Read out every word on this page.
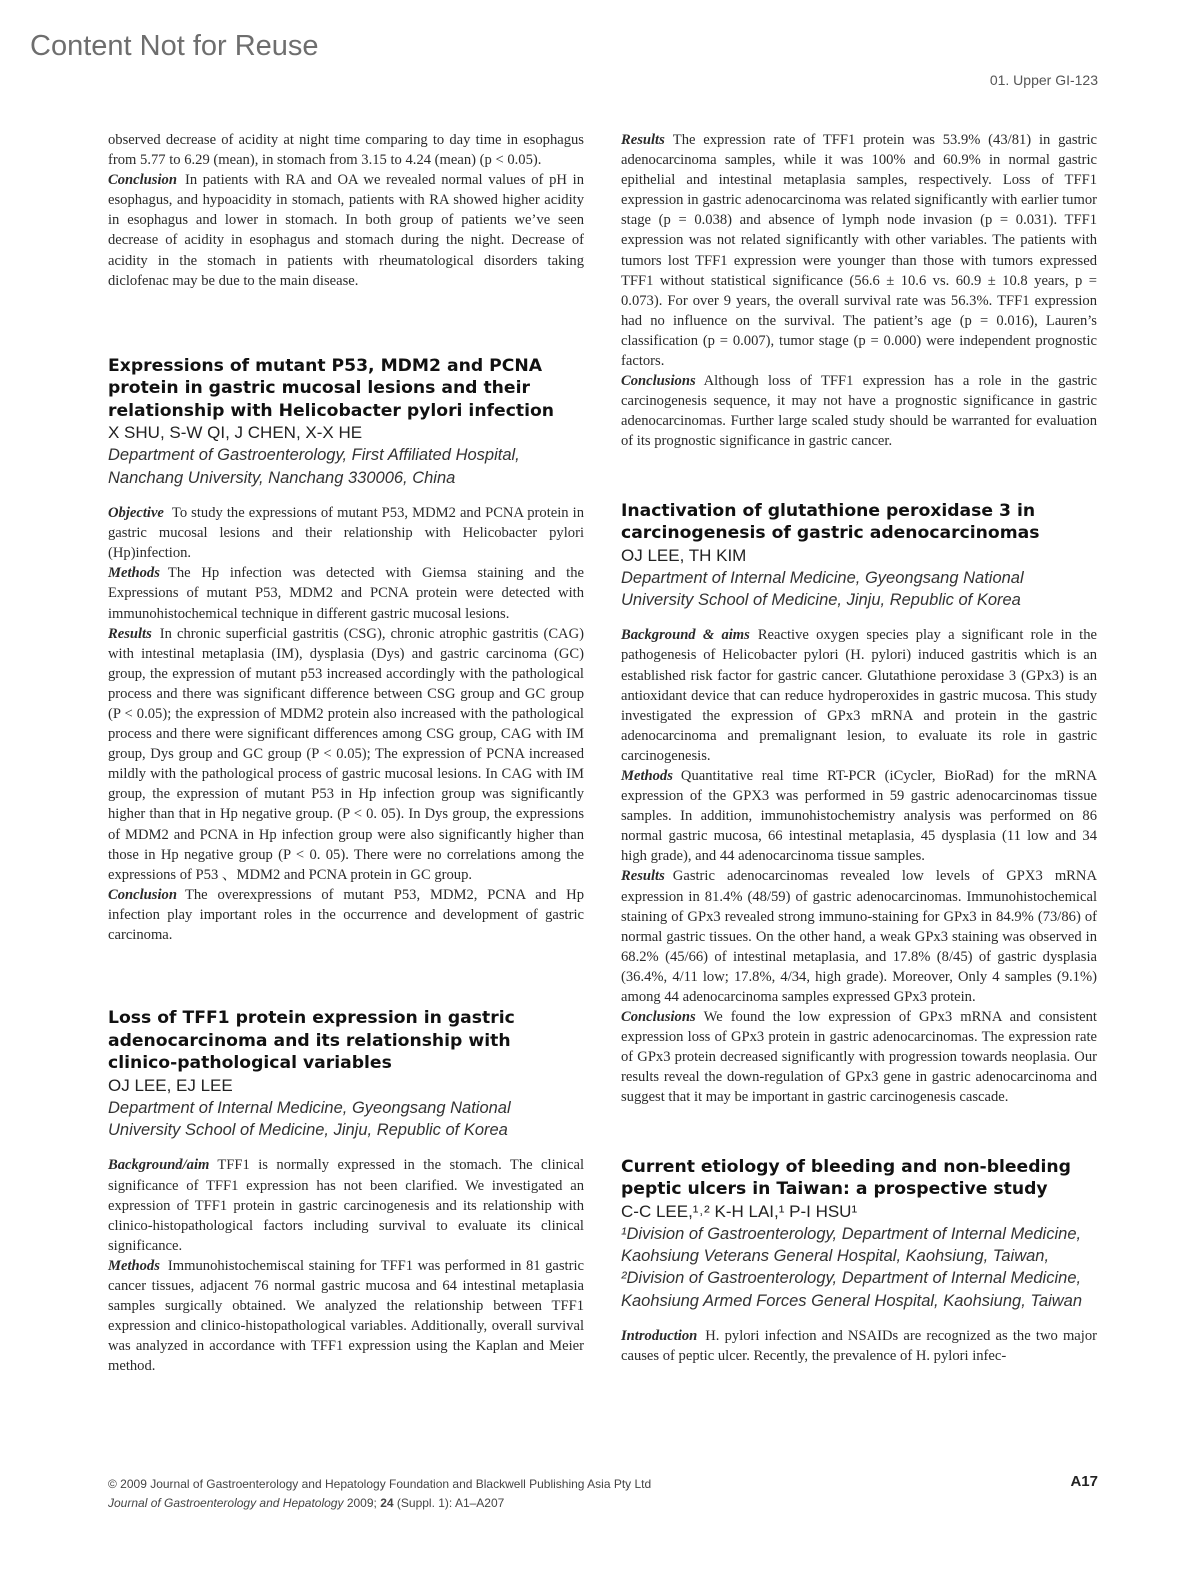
Content Not for Reuse
01. Upper GI-123

observed decrease of acidity at night time comparing to day time in esophagus from 5.77 to 6.29 (mean), in stomach from 3.15 to 4.24 (mean) (p < 0.05).

Conclusion In patients with RA and OA we revealed normal values of pH in esophagus, and hypoacidity in stomach, patients with RA showed higher acidity in esophagus and lower in stomach. In both group of patients we’ve seen decrease of acidity in esophagus and stomach during the night. Decrease of acidity in the stomach in patients with rheumatological disorders taking diclofenac may be due to the main disease.

Expressions of mutant P53, MDM2 and PCNA protein in gastric mucosal lesions and their relationship with Helicobacter pylori infection
X SHU, S-W QI, J CHEN, X-X HE
Department of Gastroenterology, First Affiliated Hospital, Nanchang University, Nanchang 330006, China

Objective To study the expressions of mutant P53, MDM2 and PCNA protein in gastric mucosal lesions and their relationship with Helicobacter pylori (Hp)infection.

Methods The Hp infection was detected with Giemsa staining and the Expressions of mutant P53, MDM2 and PCNA protein were detected with immunohistochemical technique in different gastric mucosal lesions.

Results In chronic superficial gastritis (CSG), chronic atrophic gastritis (CAG) with intestinal metaplasia (IM), dysplasia (Dys) and gastric carcinoma (GC) group, the expression of mutant p53 increased accordingly with the pathological process and there was significant difference between CSG group and GC group (P < 0.05); the expression of MDM2 protein also increased with the pathological process and there were significant differences among CSG group, CAG with IM group, Dys group and GC group (P < 0.05); The expression of PCNA increased mildly with the pathological process of gastric mucosal lesions. In CAG with IM group, the expression of mutant P53 in Hp infection group was significantly higher than that in Hp negative group. (P < 0. 05). In Dys group, the expressions of MDM2 and PCNA in Hp infection group were also significantly higher than those in Hp negative group (P < 0. 05). There were no correlations among the expressions of P53 、MDM2 and PCNA protein in GC group.

Conclusion The overexpressions of mutant P53, MDM2, PCNA and Hp infection play important roles in the occurrence and development of gastric carcinoma.

Loss of TFF1 protein expression in gastric adenocarcinoma and its relationship with clinico-pathological variables
OJ LEE, EJ LEE
Department of Internal Medicine, Gyeongsang National University School of Medicine, Jinju, Republic of Korea

Background/aim TFF1 is normally expressed in the stomach. The clinical significance of TFF1 expression has not been clarified. We investigated an expression of TFF1 protein in gastric carcinogenesis and its relationship with clinico-histopathological factors including survival to evaluate its clinical significance.

Methods Immunohistochemiscal staining for TFF1 was performed in 81 gastric cancer tissues, adjacent 76 normal gastric mucosa and 64 intestinal metaplasia samples surgically obtained. We analyzed the relationship between TFF1 expression and clinico-histopathological variables. Additionally, overall survival was analyzed in accordance with TFF1 expression using the Kaplan and Meier method.

Results The expression rate of TFF1 protein was 53.9% (43/81) in gastric adenocarcinoma samples, while it was 100% and 60.9% in normal gastric epithelial and intestinal metaplasia samples, respectively. Loss of TFF1 expression in gastric adenocarcinoma was related significantly with earlier tumor stage (p = 0.038) and absence of lymph node invasion (p = 0.031). TFF1 expression was not related significantly with other variables. The patients with tumors lost TFF1 expression were younger than those with tumors expressed TFF1 without statistical significance (56.6 ± 10.6 vs. 60.9 ± 10.8 years, p = 0.073). For over 9 years, the overall survival rate was 56.3%. TFF1 expression had no influence on the survival. The patient’s age (p = 0.016), Lauren’s classification (p = 0.007), tumor stage (p = 0.000) were independent prognostic factors.

Conclusions Although loss of TFF1 expression has a role in the gastric carcinogenesis sequence, it may not have a prognostic significance in gastric adenocarcinomas. Further large scaled study should be warranted for evaluation of its prognostic significance in gastric cancer.

Inactivation of glutathione peroxidase 3 in carcinogenesis of gastric adenocarcinomas
OJ LEE, TH KIM
Department of Internal Medicine, Gyeongsang National University School of Medicine, Jinju, Republic of Korea

Background & aims Reactive oxygen species play a significant role in the pathogenesis of Helicobacter pylori (H. pylori) induced gastritis which is an established risk factor for gastric cancer. Glutathione peroxidase 3 (GPx3) is an antioxidant device that can reduce hydroperoxides in gastric mucosa. This study investigated the expression of GPx3 mRNA and protein in the gastric adenocarcinoma and premalignant lesion, to evaluate its role in gastric carcinogenesis.

Methods Quantitative real time RT-PCR (iCycler, BioRad) for the mRNA expression of the GPX3 was performed in 59 gastric adenocarcinomas tissue samples. In addition, immunohistochemistry analysis was performed on 86 normal gastric mucosa, 66 intestinal metaplasia, 45 dysplasia (11 low and 34 high grade), and 44 adenocarcinoma tissue samples.

Results Gastric adenocarcinomas revealed low levels of GPX3 mRNA expression in 81.4% (48/59) of gastric adenocarcinomas. Immunohistochemical staining of GPx3 revealed strong immuno-staining for GPx3 in 84.9% (73/86) of normal gastric tissues. On the other hand, a weak GPx3 staining was observed in 68.2% (45/66) of intestinal metaplasia, and 17.8% (8/45) of gastric dysplasia (36.4%, 4/11 low; 17.8%, 4/34, high grade). Moreover, Only 4 samples (9.1%) among 44 adenocarcinoma samples expressed GPx3 protein.

Conclusions We found the low expression of GPx3 mRNA and consistent expression loss of GPx3 protein in gastric adenocarcinomas. The expression rate of GPx3 protein decreased significantly with progression towards neoplasia. Our results reveal the down-regulation of GPx3 gene in gastric adenocarcinoma and suggest that it may be important in gastric carcinogenesis cascade.

Current etiology of bleeding and non-bleeding peptic ulcers in Taiwan: a prospective study
C-C LEE,¹˒² K-H LAI,¹ P-I HSU¹
¹Division of Gastroenterology, Department of Internal Medicine, Kaohsiung Veterans General Hospital, Kaohsiung, Taiwan, ²Division of Gastroenterology, Department of Internal Medicine, Kaohsiung Armed Forces General Hospital, Kaohsiung, Taiwan

Introduction H. pylori infection and NSAIDs are recognized as the two major causes of peptic ulcer. Recently, the prevalence of H. pylori infec-

© 2009 Journal of Gastroenterology and Hepatology Foundation and Blackwell Publishing Asia Pty Ltd
Journal of Gastroenterology and Hepatology 2009; 24 (Suppl. 1): A1–A207
A17
